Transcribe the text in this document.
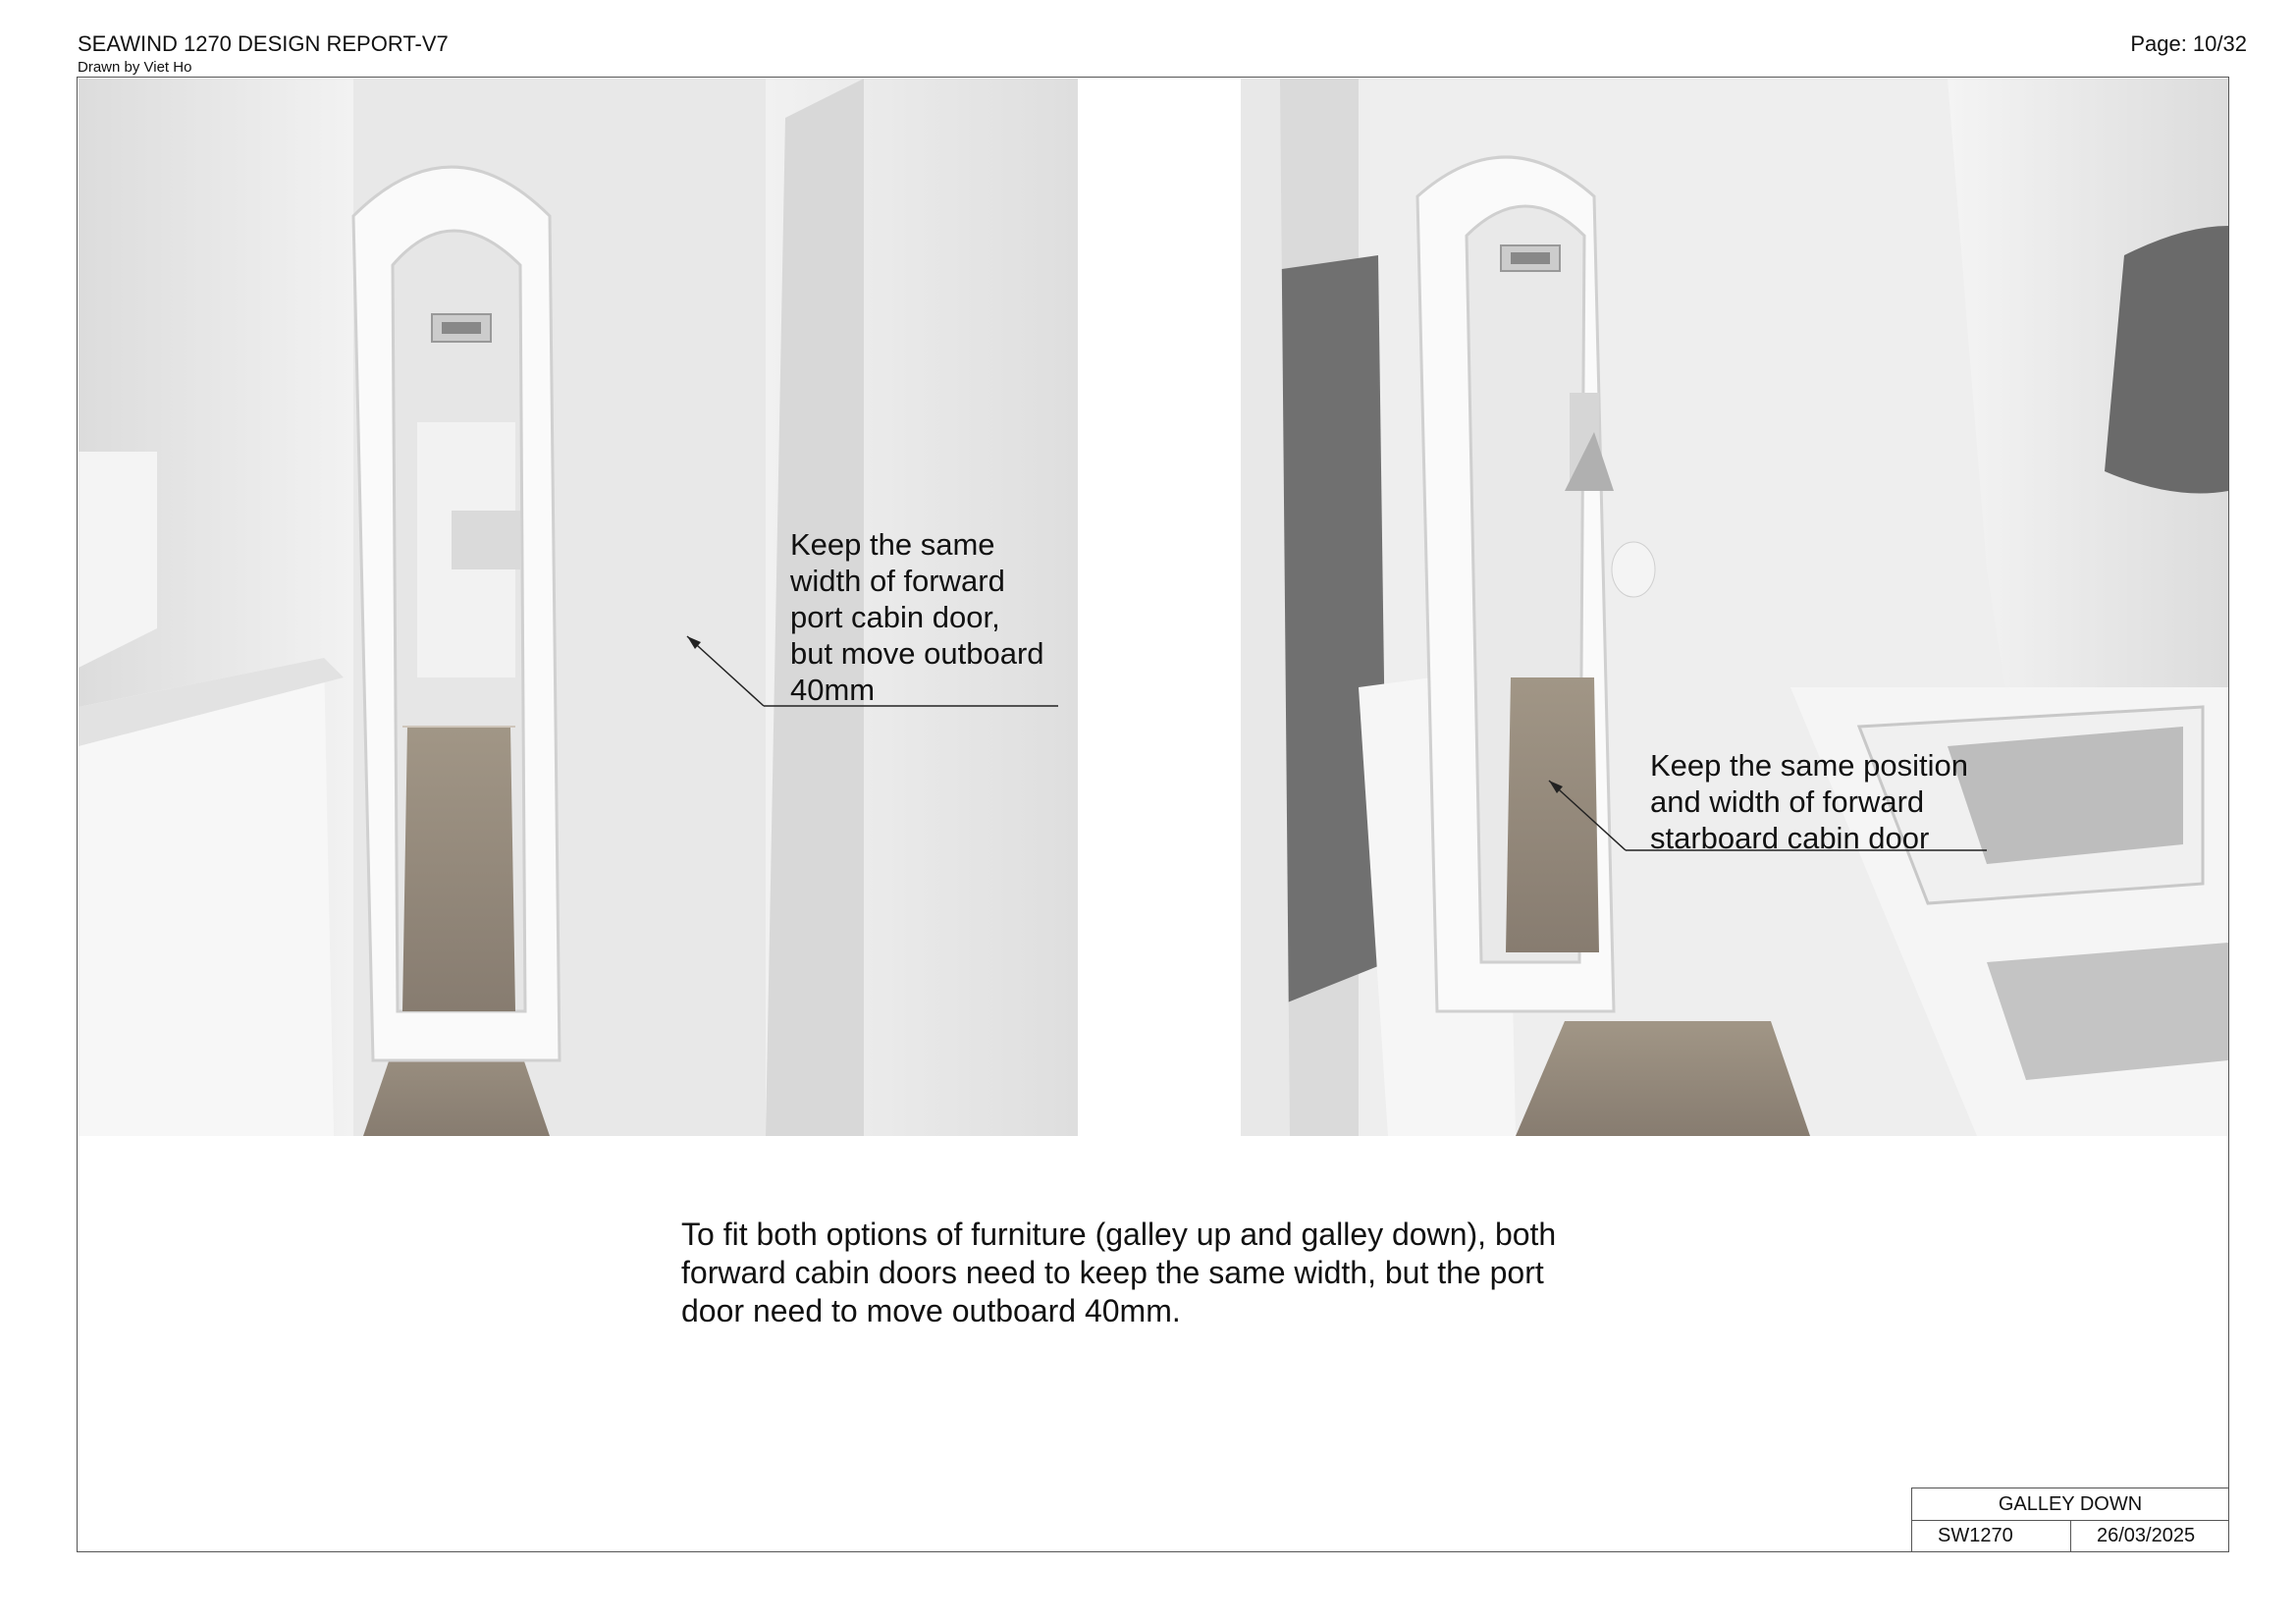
SEAWIND 1270 DESIGN REPORT-V7
Drawn by Viet Ho
Page: 10/32
Keep the same
width of forward
port cabin door,
but move outboard
40mm
Keep the same position
and width of forward
starboard cabin door
To fit both options of furniture (galley up and galley down), both forward cabin doors need to keep the same width, but the port door need to move outboard 40mm.
GALLEY DOWN
SW1270	26/03/2025
